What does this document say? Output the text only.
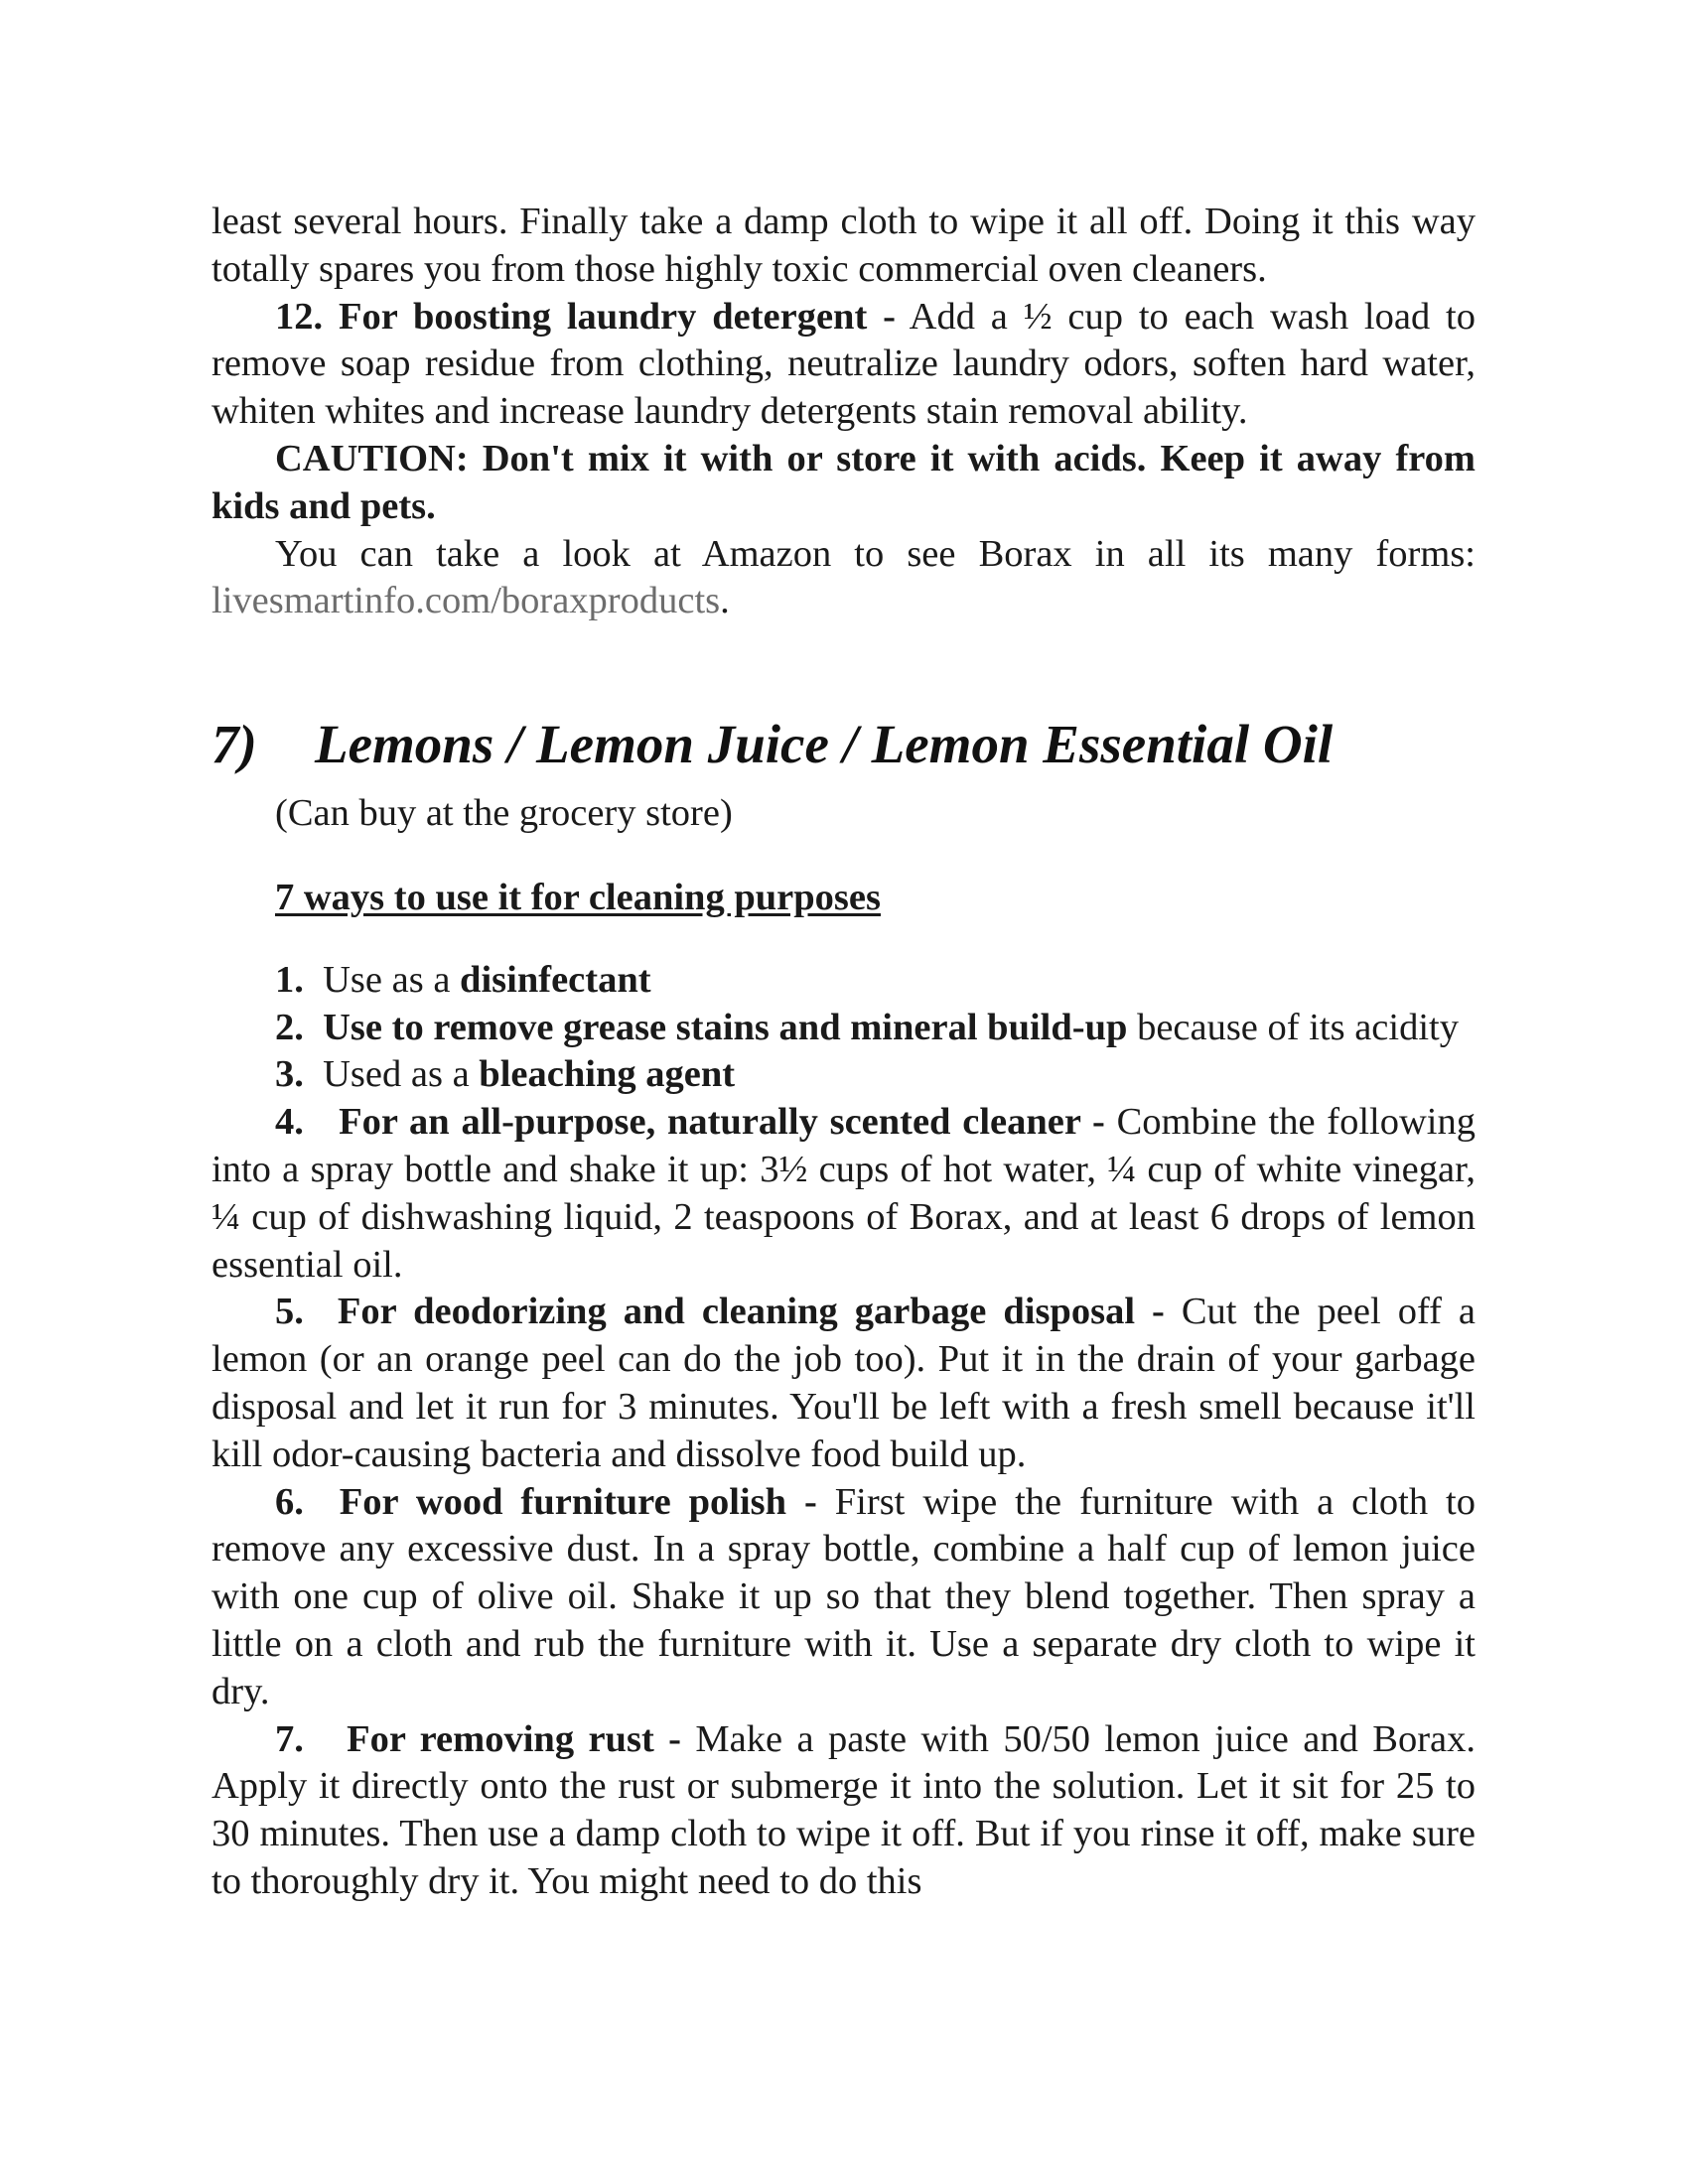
least several hours. Finally take a damp cloth to wipe it all off. Doing it this way totally spares you from those highly toxic commercial oven cleaners.

12. For boosting laundry detergent - Add a ½ cup to each wash load to remove soap residue from clothing, neutralize laundry odors, soften hard water, whiten whites and increase laundry detergents stain removal ability.

CAUTION: Don't mix it with or store it with acids. Keep it away from kids and pets.

You can take a look at Amazon to see Borax in all its many forms: livesmartinfo.com/boraxproducts.

7)	Lemons / Lemon Juice / Lemon Essential Oil

(Can buy at the grocery store)

7 ways to use it for cleaning purposes

1. Use as a disinfectant

2. Use to remove grease stains and mineral build-up because of its acidity

3. Used as a bleaching agent

4. For an all-purpose, naturally scented cleaner - Combine the following into a spray bottle and shake it up: 3½ cups of hot water, ¼ cup of white vinegar, ¼ cup of dishwashing liquid, 2 teaspoons of Borax, and at least 6 drops of lemon essential oil.

5. For deodorizing and cleaning garbage disposal - Cut the peel off a lemon (or an orange peel can do the job too). Put it in the drain of your garbage disposal and let it run for 3 minutes. You'll be left with a fresh smell because it'll kill odor-causing bacteria and dissolve food build up.

6. For wood furniture polish - First wipe the furniture with a cloth to remove any excessive dust. In a spray bottle, combine a half cup of lemon juice with one cup of olive oil. Shake it up so that they blend together. Then spray a little on a cloth and rub the furniture with it. Use a separate dry cloth to wipe it dry.

7. For removing rust - Make a paste with 50/50 lemon juice and Borax. Apply it directly onto the rust or submerge it into the solution. Let it sit for 25 to 30 minutes. Then use a damp cloth to wipe it off. But if you rinse it off, make sure to thoroughly dry it. You might need to do this
